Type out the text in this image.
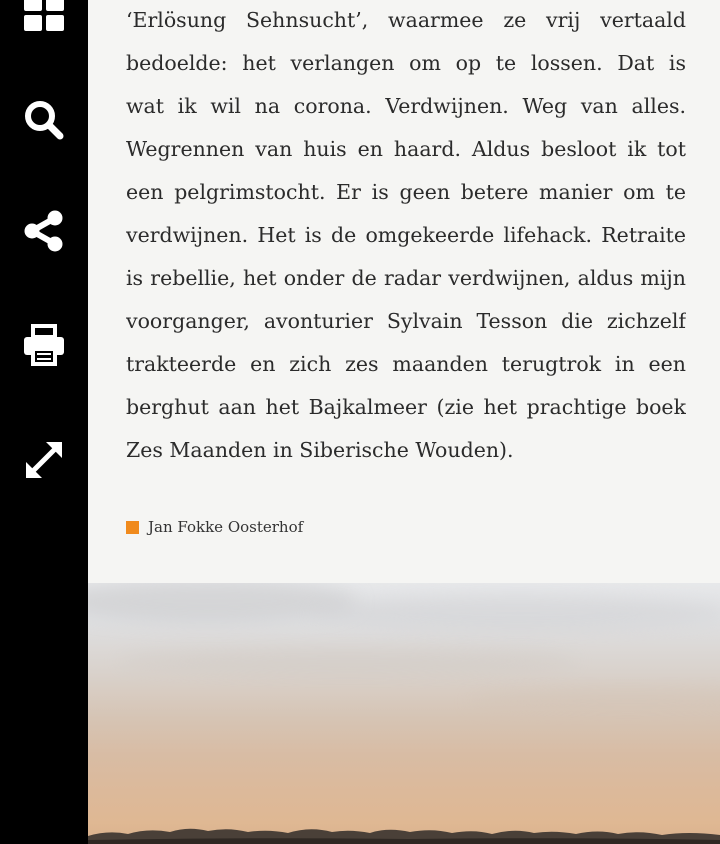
‘Erlösung Sehnsucht’, waarmee ze vrij vertaald
bedoelde: het verlangen om op te lossen. Dat is
wat ik wil na corona. Verdwijnen. Weg van alles.
Wegrennen van huis en haard. Aldus besloot ik tot
een pelgrimstocht. Er is geen betere manier om te
verdwijnen. Het is de omgekeerde lifehack. Retraite
is rebellie, het onder de radar verdwijnen, aldus mijn
voorganger, avonturier Sylvain Tesson die zichzelf
trakteerde en zich zes maanden terugtrok in een
berghut aan het Bajkalmeer (zie het prachtige boek
Zes Maanden in Siberische Wouden).
Jan Fokke Oosterhof
